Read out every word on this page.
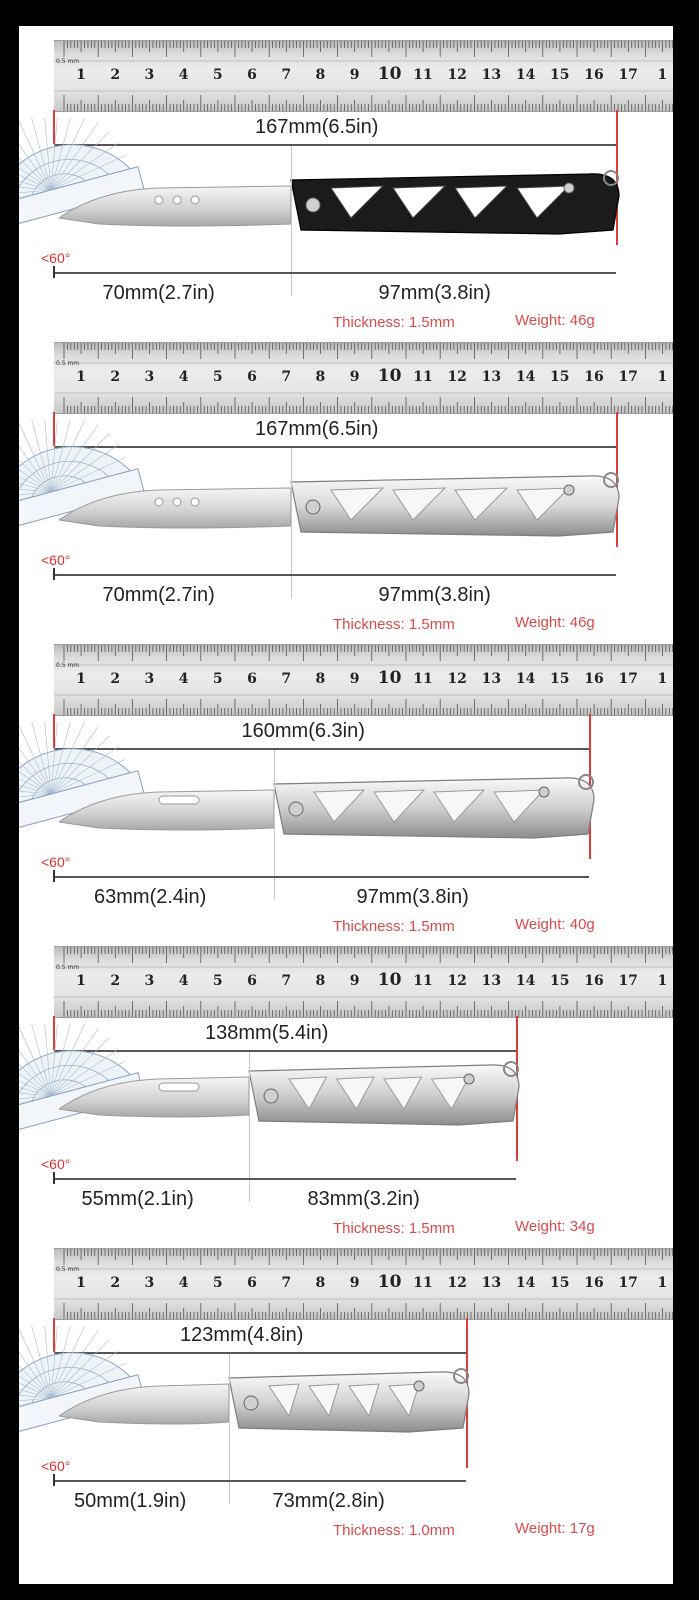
0.5 mm
1	2	3	4	5	6	7	8	9	10 11 12 13 14 15 16 17	1
167mm(6.5in)
<60°
70mm(2.7in)	97mm(3.8in)
Thickness: 1.5mm	Weight: 46g
0.5 mm
1	2	3	4	5	6	7	8	9	10 11 12 13 14 15 16 17	1
167mm(6.5in)
<60°
70mm(2.7in)	97mm(3.8in)
Thickness: 1.5mm	Weight: 46g
0.5 mm
1	2	3	4	5	6	7	8	9	10 11 12 13 14 15 16 17	1
160mm(6.3in)
<60°
63mm(2.4in)	97mm(3.8in)
Thickness: 1.5mm	Weight: 40g
0.5 mm
1	2	3	4	5	6	7	8	9	10 11 12 13 14 15 16 17	1
138mm(5.4in)
<60°
55mm(2.1in)	83mm(3.2in)
Thickness: 1.5mm	Weight: 34g
0.5 mm
1	2	3	4	5	6	7	8	9	10 11 12 13 14 15 16 17	1
123mm(4.8in)
<60°
50mm(1.9in)	73mm(2.8in)
Thickness: 1.0mm	Weight: 17g
